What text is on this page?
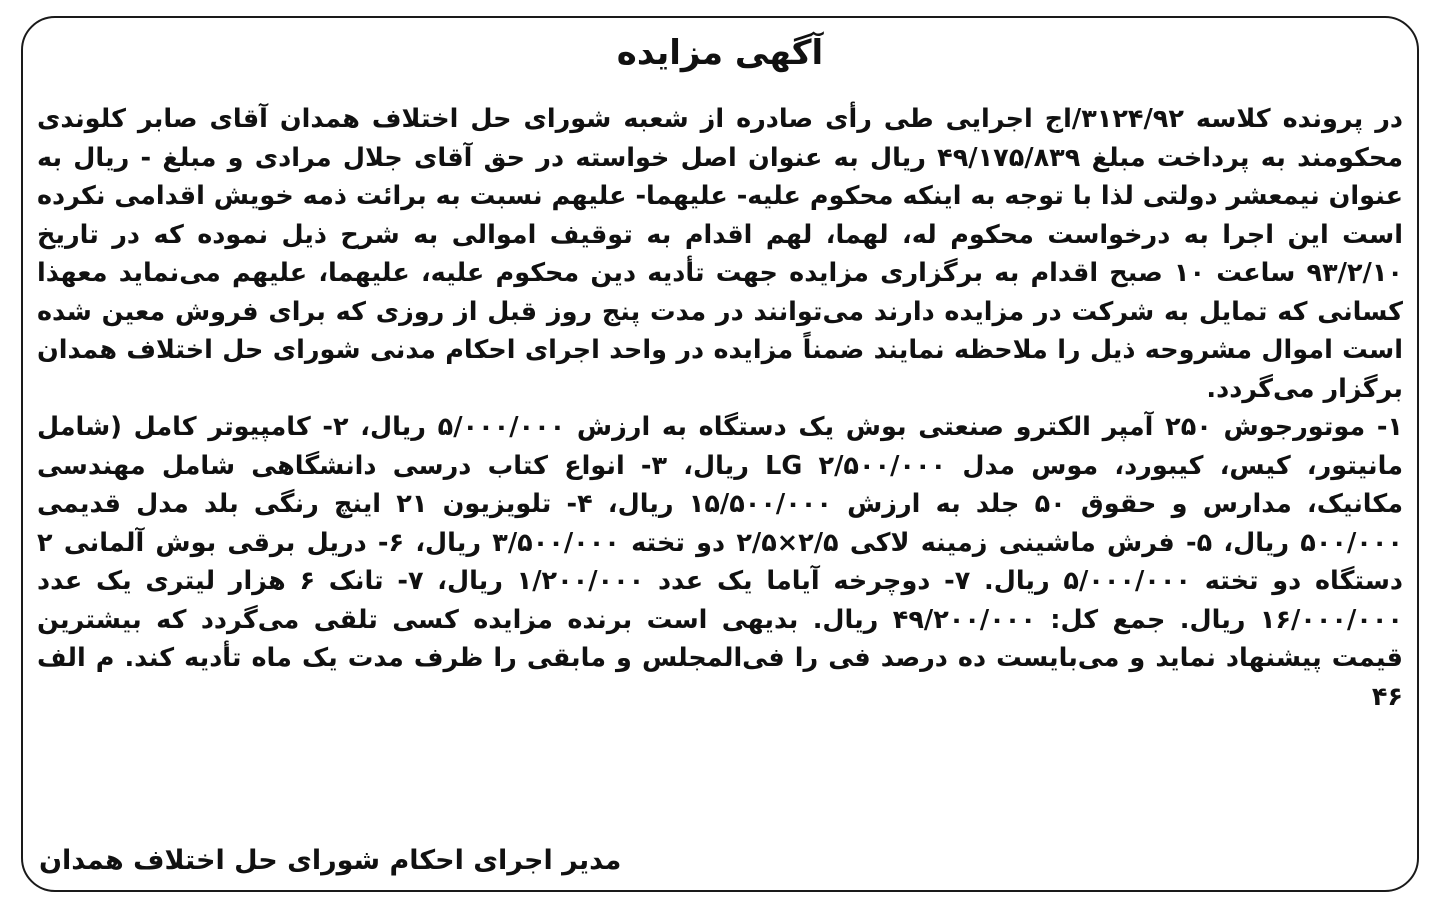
آگهی مزایده

در پرونده کلاسه ۳۱۲۴/۹۲/اج اجرایی طی رأی صادره از شعبه شورای حل اختلاف همدان آقای صابر کلوندی محکومند به پرداخت مبلغ ۴۹/۱۷۵/۸۳۹ ریال به عنوان اصل خواسته در حق آقای جلال مرادی و مبلغ - ریال به عنوان نیمعشر دولتی لذا با توجه به اینکه محکوم علیه- علیهما- علیهم نسبت به برائت ذمه خویش اقدامی نکرده است این اجرا به درخواست محکوم له، لهما، لهم اقدام به توقیف اموالی به شرح ذیل نموده که در تاریخ ۹۳/۲/۱۰ ساعت ۱۰ صبح اقدام به برگزاری مزایده جهت تأدیه دین محکوم علیه، علیهما، علیهم می‌نماید معهذا کسانی که تمایل به شرکت در مزایده دارند می‌توانند در مدت پنج روز قبل از روزی که برای فروش معین شده است اموال مشروحه ذیل را ملاحظه نمایند ضمناً مزایده در واحد اجرای احکام مدنی شورای حل اختلاف همدان برگزار می‌گردد.

۱- موتورجوش ۲۵۰ آمپر الکترو صنعتی بوش یک دستگاه به ارزش ۵/۰۰۰/۰۰۰ ریال، ۲- کامپیوتر کامل (شامل مانیتور، کیس، کیبورد، موس مدل LG ۲/۵۰۰/۰۰۰ ریال، ۳- انواع کتاب درسی دانشگاهی شامل مهندسی مکانیک، مدارس و حقوق ۵۰ جلد به ارزش ۱۵/۵۰۰/۰۰۰ ریال، ۴- تلویزیون ۲۱ اینچ رنگی بلد مدل قدیمی ۵۰۰/۰۰۰ ریال، ۵- فرش ماشینی زمینه لاکی ۲/۵×۲/۵ دو تخته ۳/۵۰۰/۰۰۰ ریال، ۶- دریل برقی بوش آلمانی ۲ دستگاه دو تخته ۵/۰۰۰/۰۰۰ ریال. ۷- دوچرخه آیاما یک عدد ۱/۲۰۰/۰۰۰ ریال، ۷- تانک ۶ هزار لیتری یک عدد ۱۶/۰۰۰/۰۰۰ ریال. جمع کل: ۴۹/۲۰۰/۰۰۰ ریال. بدیهی است برنده مزایده کسی تلقی می‌گردد که بیشترین قیمت پیشنهاد نماید و می‌بایست ده درصد فی را فی‌المجلس و مابقی را ظرف مدت یک ماه تأدیه کند. م الف ۴۶

مدیر اجرای احکام شورای حل اختلاف همدان
